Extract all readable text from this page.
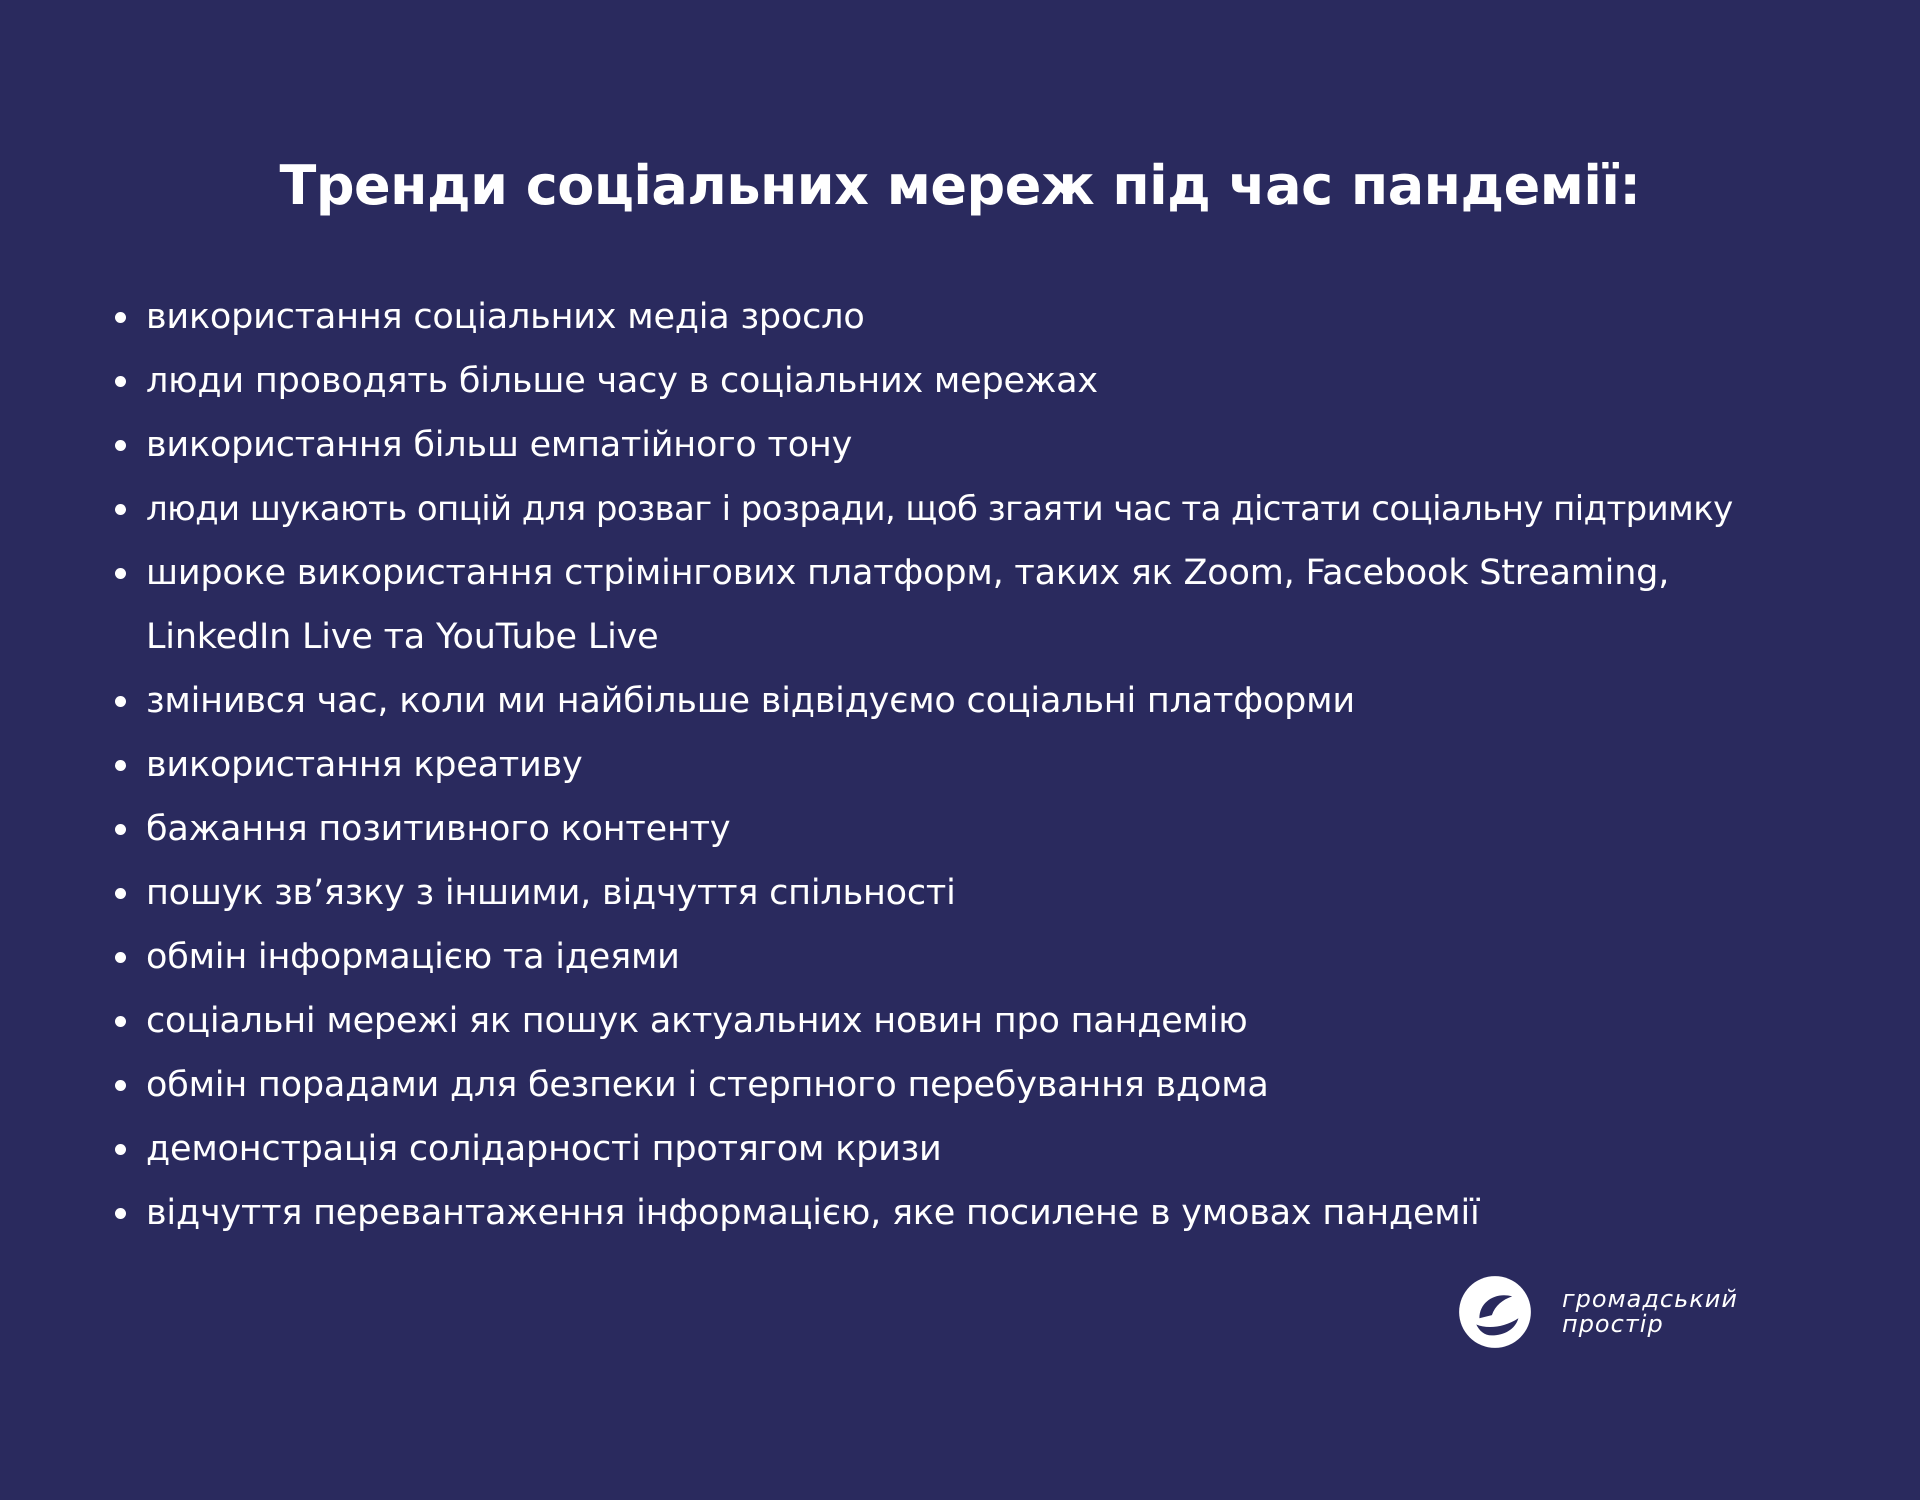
Тренди соціальних мереж під час пандемії:
використання соціальних медіа зросло
люди проводять більше часу в соціальних мережах
використання більш емпатійного тону
люди шукають опцій для розваг і розради, щоб згаяти час та дістати соціальну підтримку
широке використання стрімінгових платформ, таких як Zoom, Facebook Streaming, LinkedIn Live та YouTube Live
змінився час, коли ми найбільше відвідуємо соціальні платформи
використання креативу
бажання позитивного контенту
пошук зв’язку з іншими, відчуття спільності
обмін інформацією та ідеями
соціальні мережі як пошук актуальних новин про пандемію
обмін порадами для безпеки і стерпного перебування вдома
демонстрація солідарності протягом кризи
відчуття перевантаження інформацією, яке посилене в умовах пандемії
громадський
простір
